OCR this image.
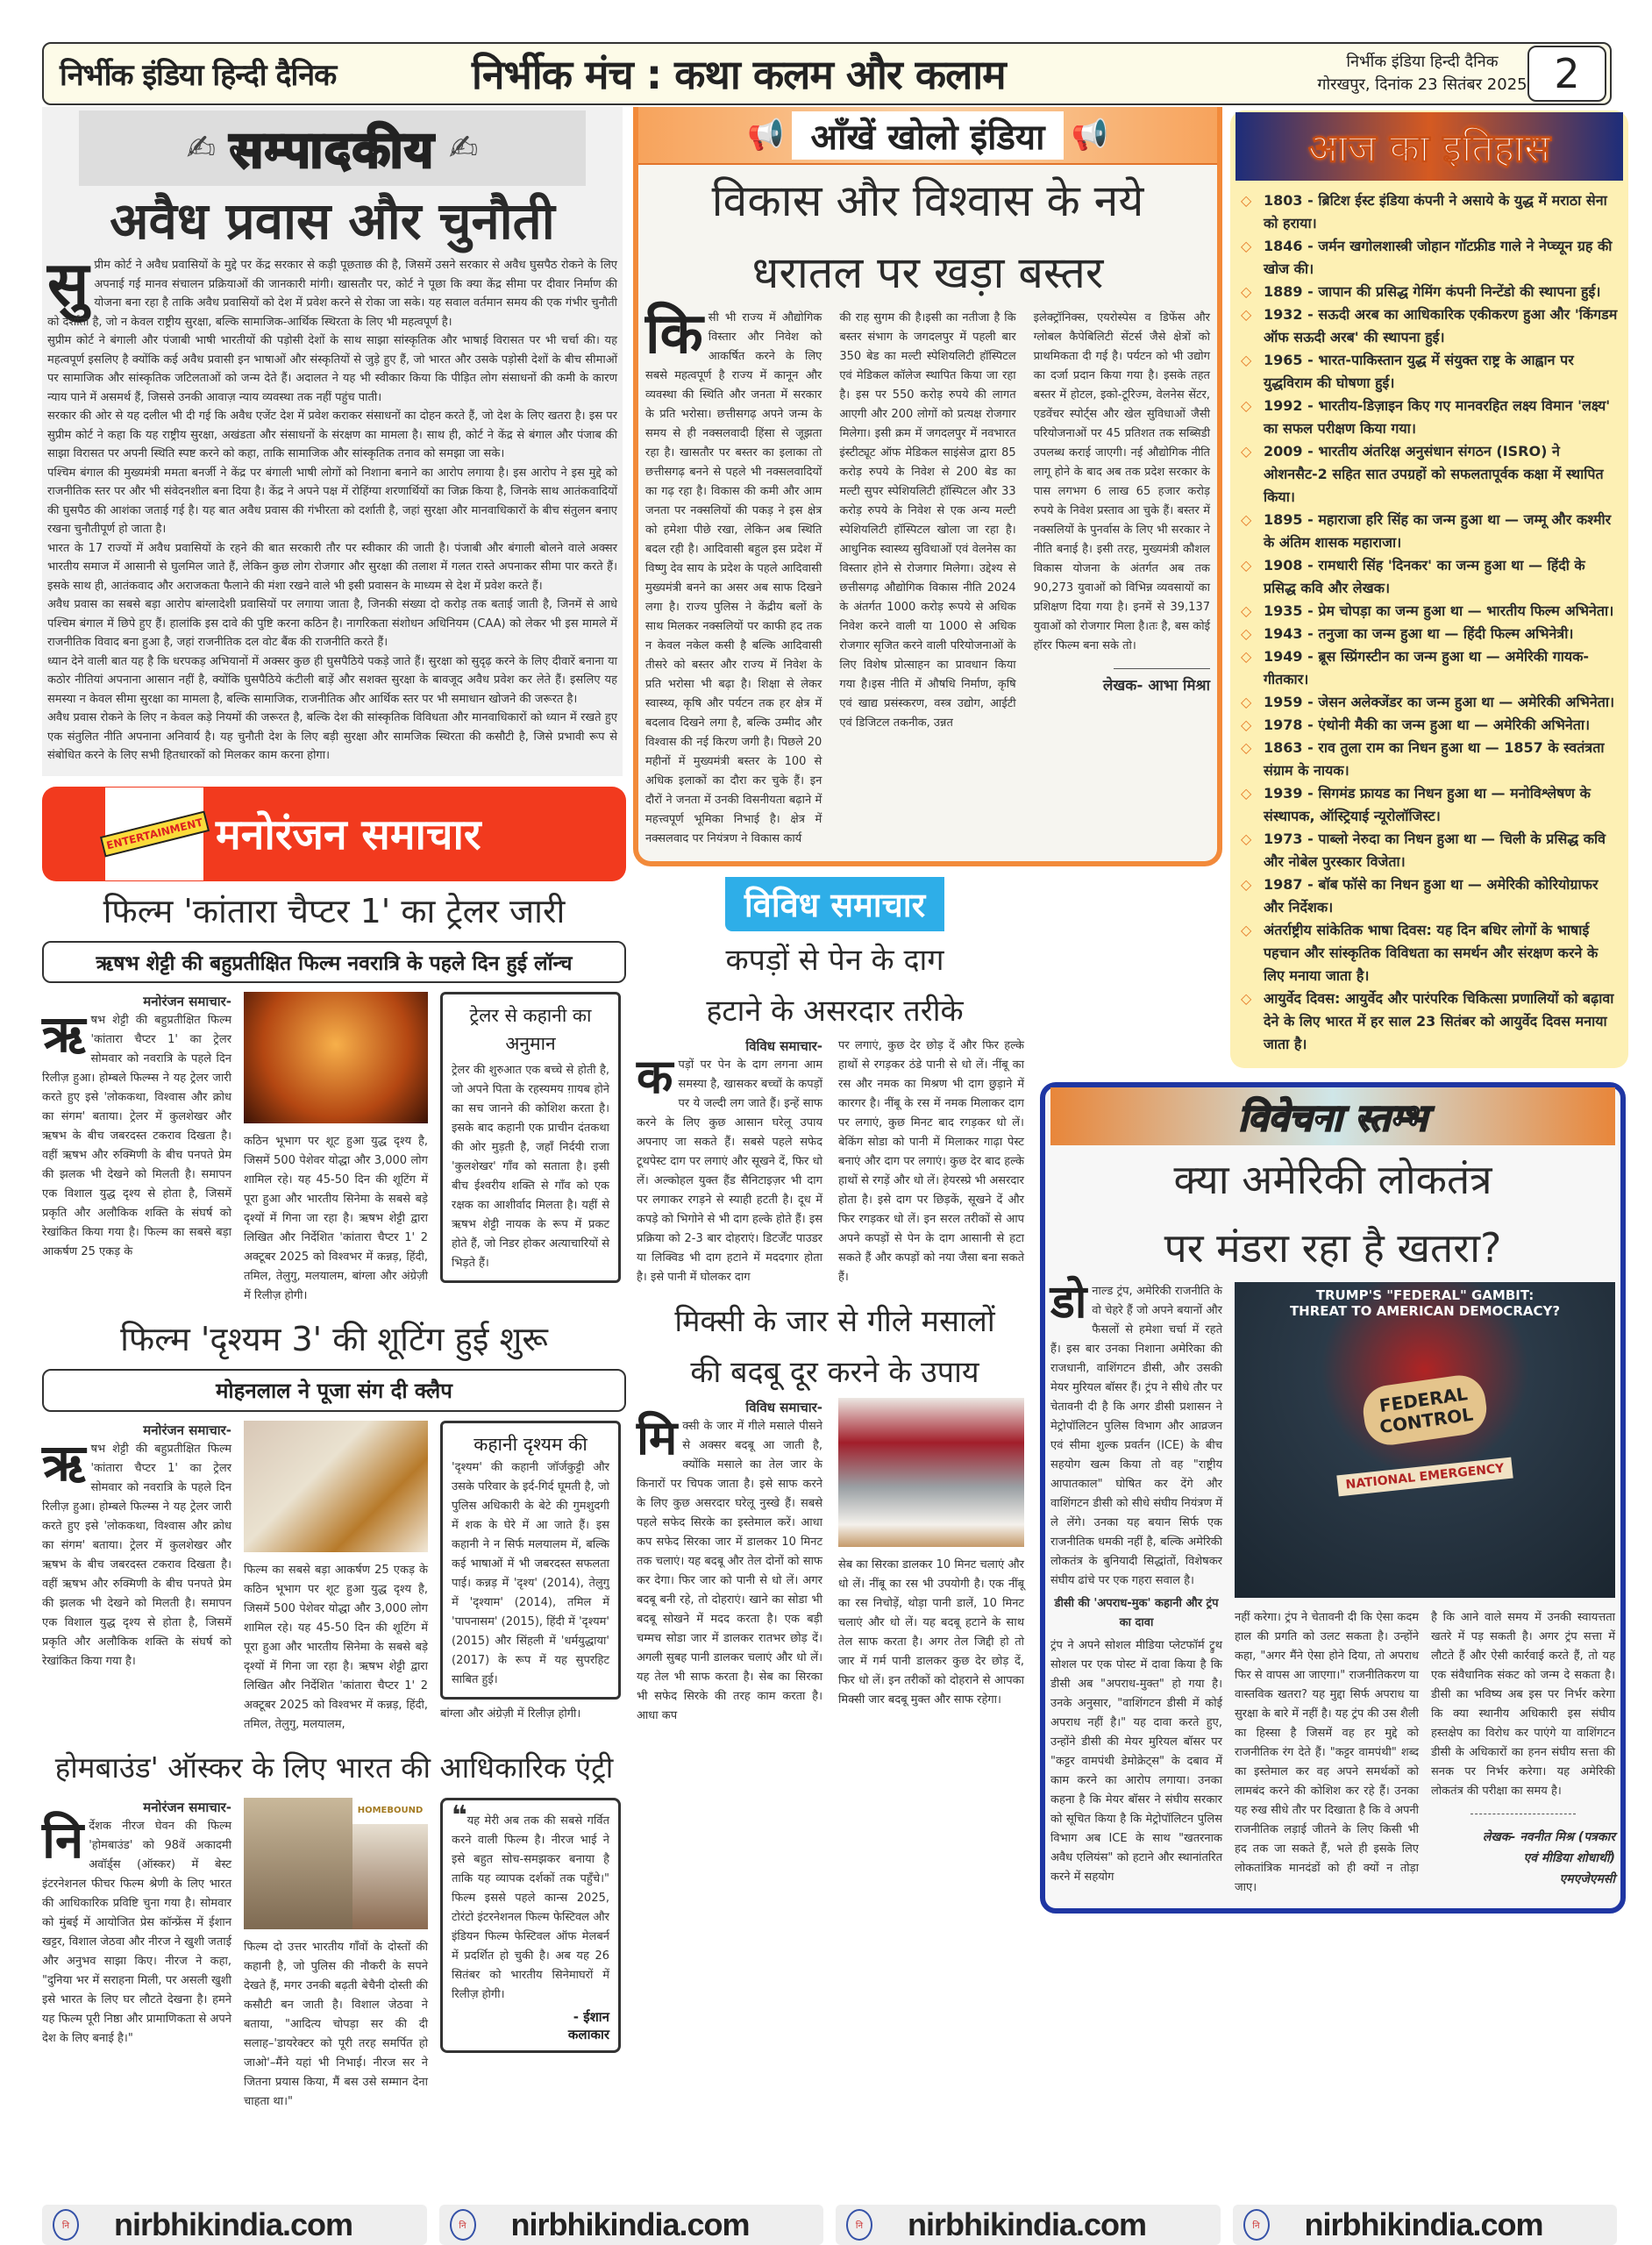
निर्भीक इंडिया हिन्दी दैनिक	निर्भीक मंच : कथा कलम और कलाम	निर्भीक इंडिया हिन्दी दैनिक
गोरखपुर, दिनांक 23 सितंबर 2025 2
✍ सम्पादकीय ✍
अवैध प्रवास और चुनौती
सु प्रीम कोर्ट ने अवैध प्रवासियों के मुद्दे पर केंद्र सरकार से कड़ी पूछताछ की है, जिसमें उसने सरकार से अवैध घुसपैठ रोकने के लिए अपनाई गई मानव संचालन प्रक्रियाओं की जानकारी मांगी। खासतौर पर, कोर्ट ने पूछा कि क्या केंद्र सीमा पर दीवार निर्माण की योजना बना रहा है ताकि अवैध प्रवासियों को देश में प्रवेश करने से रोका जा सके। यह सवाल वर्तमान समय की एक गंभीर चुनौती को दर्शाता है, जो न केवल राष्ट्रीय सुरक्षा, बल्कि सामाजिक-आर्थिक स्थिरता के लिए भी महत्वपूर्ण है।

सुप्रीम कोर्ट ने बंगाली और पंजाबी भाषी भारतीयों की पड़ोसी देशों के साथ साझा सांस्कृतिक और भाषाई विरासत पर भी चर्चा की। यह महत्वपूर्ण इसलिए है क्योंकि कई अवैध प्रवासी इन भाषाओं और संस्कृतियों से जुड़े हुए हैं, जो भारत और उसके पड़ोसी देशों के बीच सीमाओं पर सामाजिक और सांस्कृतिक जटिलताओं को जन्म देते हैं। अदालत ने यह भी स्वीकार किया कि पीड़ित लोग संसाधनों की कमी के कारण न्याय पाने में असमर्थ हैं, जिससे उनकी आवाज़ न्याय व्यवस्था तक नहीं पहुंच पाती।

सरकार की ओर से यह दलील भी दी गई कि अवैध एजेंट देश में प्रवेश कराकर संसाधनों का दोहन करते हैं, जो देश के लिए खतरा है। इस पर सुप्रीम कोर्ट ने कहा कि यह राष्ट्रीय सुरक्षा, अखंडता और संसाधनों के संरक्षण का मामला है। साथ ही, कोर्ट ने केंद्र से बंगाल और पंजाब की साझा विरासत पर अपनी स्थिति स्पष्ट करने को कहा, ताकि सामाजिक और सांस्कृतिक तनाव को समझा जा सके।

पश्चिम बंगाल की मुख्यमंत्री ममता बनर्जी ने केंद्र पर बंगाली भाषी लोगों को निशाना बनाने का आरोप लगाया है। इस आरोप ने इस मुद्दे को राजनीतिक स्तर पर और भी संवेदनशील बना दिया है। केंद्र ने अपने पक्ष में रोहिंग्या शरणार्थियों का जिक्र किया है, जिनके साथ आतंकवादियों की घुसपैठ की आशंका जताई गई है। यह बात अवैध प्रवास की गंभीरता को दर्शाती है, जहां सुरक्षा और मानवाधिकारों के बीच संतुलन बनाए रखना चुनौतीपूर्ण हो जाता है।

भारत के 17 राज्यों में अवैध प्रवासियों के रहने की बात सरकारी तौर पर स्वीकार की जाती है। पंजाबी और बंगाली बोलने वाले अक्सर भारतीय समाज में आसानी से घुलमिल जाते हैं, लेकिन कुछ लोग रोजगार और सुरक्षा की तलाश में गलत रास्ते अपनाकर सीमा पार करते हैं। इसके साथ ही, आतंकवाद और अराजकता फैलाने की मंशा रखने वाले भी इसी प्रवासन के माध्यम से देश में प्रवेश करते हैं।

अवैध प्रवास का सबसे बड़ा आरोप बांग्लादेशी प्रवासियों पर लगाया जाता है, जिनकी संख्या दो करोड़ तक बताई जाती है, जिनमें से आधे पश्चिम बंगाल में छिपे हुए हैं। हालांकि इस दावे की पुष्टि करना कठिन है। नागरिकता संशोधन अधिनियम (CAA) को लेकर भी इस मामले में राजनीतिक विवाद बना हुआ है, जहां राजनीतिक दल वोट बैंक की राजनीति करते हैं।

ध्यान देने वाली बात यह है कि धरपकड़ अभियानों में अक्सर कुछ ही घुसपैठिये पकड़े जाते हैं। सुरक्षा को सुदृढ़ करने के लिए दीवारें बनाना या कठोर नीतियां अपनाना आसान नहीं है, क्योंकि घुसपैठिये कंटीली बाड़ें और सशक्त सुरक्षा के बावजूद अवैध प्रवेश कर लेते हैं। इसलिए यह समस्या न केवल सीमा सुरक्षा का मामला है, बल्कि सामाजिक, राजनीतिक और आर्थिक स्तर पर भी समाधान खोजने की जरूरत है।

अवैध प्रवास रोकने के लिए न केवल कड़े नियमों की जरूरत है, बल्कि देश की सांस्कृतिक विविधता और मानवाधिकारों को ध्यान में रखते हुए एक संतुलित नीति अपनाना अनिवार्य है। यह चुनौती देश के लिए बड़ी सुरक्षा और सामजिक स्थिरता की कसौटी है, जिसे प्रभावी रूप से संबोधित करने के लिए सभी हितधारकों को मिलकर काम करना होगा।

ENTERTAINMENT मनोरंजन समाचार
फिल्म 'कांतारा चैप्टर 1' का ट्रेलर जारी
ऋषभ शेट्टी की बहुप्रतीक्षित फिल्म नवरात्रि के पहले दिन हुई लॉन्च
मनोरंजन समाचार-
ऋ षभ शेट्टी की बहुप्रतीक्षित फिल्म 'कांतारा चैप्टर 1' का ट्रेलर सोमवार को नवरात्रि के पहले दिन रिलीज़ हुआ। होम्बले फिल्म्स ने यह ट्रेलर जारी करते हुए इसे 'लोककथा, विश्वास और क्रोध का संगम' बताया। ट्रेलर में कुलशेखर और ऋषभ के बीच जबरदस्त टकराव दिखता है। वहीं ऋषभ और रुक्मिणी के बीच पनपते प्रेम की झलक भी देखने को मिलती है। समापन एक विशाल युद्ध दृश्य से होता है, जिसमें प्रकृति और अलौकिक शक्ति के संघर्ष को रेखांकित किया गया है। फिल्म का सबसे बड़ा आकर्षण 25 एकड़ के
कठिन भूभाग पर शूट हुआ युद्ध दृश्य है, जिसमें 500 पेशेवर योद्धा और 3,000 लोग शामिल रहे। यह 45-50 दिन की शूटिंग में पूरा हुआ और भारतीय सिनेमा के सबसे बड़े दृश्यों में गिना जा रहा है। ऋषभ शेट्टी द्वारा लिखित और निर्देशित 'कांतारा चैप्टर 1' 2 अक्टूबर 2025 को विश्वभर में कन्नड़, हिंदी, तमिल, तेलुगु, मलयालम, बांग्ला और अंग्रेज़ी में रिलीज़ होगी।
ट्रेलर से कहानी का अनुमान
ट्रेलर की शुरुआत एक बच्चे से होती है, जो अपने पिता के रहस्यमय ग़ायब होने का सच जानने की कोशिश करता है। इसके बाद कहानी एक प्राचीन दंतकथा की ओर मुड़ती है, जहाँ निर्दयी राजा 'कुलशेखर' गाँव को सताता है। इसी बीच ईश्वरीय शक्ति से गाँव को एक रक्षक का आशीर्वाद मिलता है। यहीं से ऋषभ शेट्टी नायक के रूप में प्रकट होते हैं, जो निडर होकर अत्याचारियों से भिड़ते हैं।
फिल्म 'दृश्यम 3' की शूटिंग हुई शुरू
मोहनलाल ने पूजा संग दी क्लैप
मनोरंजन समाचार-
ऋ षभ शेट्टी की बहुप्रतीक्षित फिल्म 'कांतारा चैप्टर 1' का ट्रेलर सोमवार को नवरात्रि के पहले दिन रिलीज़ हुआ। होम्बले फिल्म्स ने यह ट्रेलर जारी करते हुए इसे 'लोककथा, विश्वास और क्रोध का संगम' बताया। ट्रेलर में कुलशेखर और ऋषभ के बीच जबरदस्त टकराव दिखता है। वहीं ऋषभ और रुक्मिणी के बीच पनपते प्रेम की झलक भी देखने को मिलती है। समापन एक विशाल युद्ध दृश्य से होता है, जिसमें प्रकृति और अलौकिक शक्ति के संघर्ष को रेखांकित किया गया है।
फिल्म का सबसे बड़ा आकर्षण 25 एकड़ के कठिन भूभाग पर शूट हुआ युद्ध दृश्य है, जिसमें 500 पेशेवर योद्धा और 3,000 लोग शामिल रहे। यह 45-50 दिन की शूटिंग में पूरा हुआ और भारतीय सिनेमा के सबसे बड़े दृश्यों में गिना जा रहा है। ऋषभ शेट्टी द्वारा लिखित और निर्देशित 'कांतारा चैप्टर 1' 2 अक्टूबर 2025 को विश्वभर में कन्नड़, हिंदी, तमिल, तेलुगु, मलयालम,
कहानी दृश्यम की
'दृश्यम' की कहानी जॉर्जकुट्टी और उसके परिवार के इर्द-गिर्द घूमती है, जो पुलिस अधिकारी के बेटे की गुमशुदगी में शक के घेरे में आ जाते हैं। इस कहानी ने न सिर्फ मलयालम में, बल्कि कई भाषाओं में भी जबरदस्त सफलता पाई। कन्नड़ में 'दृश्य' (2014), तेलुगु में 'दृश्याम' (2014), तमिल में 'पापनासम' (2015), हिंदी में 'दृश्यम' (2015) और सिंहली में 'धर्मयुद्धाया' (2017) के रूप में यह सुपरहिट साबित हुई।
बांग्ला और अंग्रेज़ी में रिलीज़ होगी।
होमबाउंड' ऑस्कर के लिए भारत की आधिकारिक एंट्री
मनोरंजन समाचार-
नि र्देशक नीरज घेवन की फिल्म 'होमबाउंड' को 98वें अकादमी अवॉर्ड्स (ऑस्कर) में बेस्ट इंटरनेशनल फीचर फिल्म श्रेणी के लिए भारत की आधिकारिक प्रविष्टि चुना गया है। सोमवार को मुंबई में आयोजित प्रेस कॉन्फ्रेंस में ईशान खट्टर, विशाल जेठवा और नीरज ने खुशी जताई और अनुभव साझा किए। नीरज ने कहा, "दुनिया भर में सराहना मिली, पर असली खुशी इसे भारत के लिए घर लौटते देखना है। हमने यह फिल्म पूरी निष्ठा और प्रामाणिकता से अपने देश के लिए बनाई है।"
HOMEBOUND
फिल्म दो उत्तर भारतीय गाँवों के दोस्तों की कहानी है, जो पुलिस की नौकरी के सपने देखते हैं, मगर उनकी बढ़ती बेचैनी दोस्ती की कसौटी बन जाती है। विशाल जेठवा ने बताया, "आदित्य चोपड़ा सर की दी सलाह–'डायरेक्टर को पूरी तरह समर्पित हो जाओ'–मैंने यहां भी निभाई। नीरज सर ने जितना प्रयास किया, मैं बस उसे सम्मान देना चाहता था।"
❝यह मेरी अब तक की सबसे गर्वित करने वाली फिल्म है। नीरज भाई ने इसे बहुत सोच-समझकर बनाया है ताकि यह व्यापक दर्शकों तक पहुँचे।" फिल्म इससे पहले कान्स 2025, टोरंटो इंटरनेशनल फिल्म फेस्टिवल और इंडियन फिल्म फेस्टिवल ऑफ मेलबर्न में प्रदर्शित हो चुकी है। अब यह 26 सितंबर को भारतीय सिनेमाघरों में रिलीज़ होगी।
- ईशान
कलाकार
📢 आँखें खोलो इंडिया 📢
विकास और विश्वास के नये
धरातल पर खड़ा बस्तर
किसी भी राज्य में औद्योगिक विस्तार और निवेश को आकर्षित करने के लिए सबसे महत्वपूर्ण है राज्य में कानून और व्यवस्था की स्थिति और जनता में सरकार के प्रति भरोसा। छत्तीसगढ़ अपने जन्म के समय से ही नक्सलवादी हिंसा से जूझता रहा है। खासतौर पर बस्तर का इलाका तो छत्तीसगढ़ बनने से पहले भी नक्सलवादियों का गढ़ रहा है। विकास की कमी और आम जनता पर नक्सलियों की पकड़ ने इस क्षेत्र को हमेशा पीछे रखा, लेकिन अब स्थिति बदल रही है। आदिवासी बहुल इस प्रदेश में विष्णु देव साय के प्रदेश के पहले आदिवासी मुख्यमंत्री बनने का असर अब साफ दिखने लगा है। राज्य पुलिस ने केंद्रीय बलों के साथ मिलकर नक्सलियों पर काफी हद तक न केवल नकेल कसी है बल्कि आदिवासी तीसरे को बस्तर और राज्य में निवेश के प्रति भरोसा भी बढ़ा है। शिक्षा से लेकर स्वास्थ्य, कृषि और पर्यटन तक हर क्षेत्र में बदलाव दिखने लगा है, बल्कि उम्मीद और विश्वास की नई किरण जगी है। पिछले 20 महीनों में मुख्यमंत्री बस्तर के 100 से अधिक इलाकों का दौरा कर चुके हैं। इन दौरों ने जनता में उनकी विसनीयता बढ़ाने में महत्त्वपूर्ण भूमिका निभाई है। क्षेत्र में नक्सलवाद पर नियंत्रण ने विकास कार्य
की राह सुगम की है।इसी का नतीजा है कि बस्तर संभाग के जगदलपुर में पहली बार 350 बेड का मल्टी स्पेशियलिटी हॉस्पिटल एवं मेडिकल कॉलेज स्थापित किया जा रहा है। इस पर 550 करोड़ रुपये की लागत आएगी और 200 लोगों को प्रत्यक्ष रोजगार मिलेगा। इसी क्रम में जगदलपुर में नवभारत इंस्टीट्यूट ऑफ मेडिकल साइंसेज द्वारा 85 करोड़ रुपये के निवेश से 200 बेड का मल्टी सुपर स्पेशियलिटी हॉस्पिटल और 33 करोड़ रुपये के निवेश से एक अन्य मल्टी स्पेशियलिटी हॉस्पिटल खोला जा रहा है। आधुनिक स्वास्थ्य सुविधाओं एवं वेलनेस का विस्तार होने से रोजगार मिलेगा। उद्देश्य से छत्तीसगढ़ औद्योगिक विकास नीति 2024 के अंतर्गत 1000 करोड़ रूपये से अधिक निवेश करने वाली या 1000 से अधिक रोजगार सृजित करने वाली परियोजनाओं के लिए विशेष प्रोत्साहन का प्रावधान किया गया है।इस नीति में औषधि निर्माण, कृषि एवं खाद्य प्रसंस्करण, वस्त्र उद्योग, आईटी एवं डिजिटल तकनीक, उन्नत
इलेक्ट्रॉनिक्स, एयरोस्पेस व डिफेंस और ग्लोबल कैपेबिलिटी सेंटर्स जैसे क्षेत्रों को प्राथमिकता दी गई है। पर्यटन को भी उद्योग का दर्जा प्रदान किया गया है। इसके तहत बस्तर में होटल, इको-टूरिज्म, वेलनेस सेंटर, एडवेंचर स्पोर्ट्स और खेल सुविधाओं जैसी परियोजनाओं पर 45 प्रतिशत तक सब्सिडी उपलब्ध कराई जाएगी। नई औद्योगिक नीति लागू होने के बाद अब तक प्रदेश सरकार के पास लगभग 6 लाख 65 हजार करोड़ रुपये के निवेश प्रस्ताव आ चुके हैं। बस्तर में नक्सलियों के पुनर्वास के लिए भी सरकार ने नीति बनाई है। इसी तरह, मुख्यमंत्री कौशल विकास योजना के अंतर्गत अब तक 90,273 युवाओं को विभिन्न व्यवसायों का प्रशिक्षण दिया गया है। इनमें से 39,137 युवाओं को रोजगार मिला है।तः है, बस कोई हॉरर फिल्म बना सके तो।
लेखक- आभा मिश्रा
विविध समाचार
कपड़ों से पेन के दाग
हटाने के असरदार तरीके
विविध समाचार-
क पड़ों पर पेन के दाग लगना आम समस्या है, खासकर बच्चों के कपड़ों पर ये जल्दी लग जाते हैं। इन्हें साफ करने के लिए कुछ आसान घरेलू उपाय अपनाए जा सकते हैं। सबसे पहले सफेद टूथपेस्ट दाग पर लगाएं और सूखने दें, फिर धो लें। अल्कोहल युक्त हैंड सैनिटाइज़र भी दाग पर लगाकर रगड़ने से स्याही हटती है। दूध में कपड़े को भिगोने से भी दाग हल्के होते हैं। इस प्रक्रिया को 2-3 बार दोहराएं। डिटर्जेंट पाउडर या लिक्विड भी दाग हटाने में मददगार होता है। इसे पानी में घोलकर दाग
पर लगाएं, कुछ देर छोड़ दें और फिर हल्के हाथों से रगड़कर ठंडे पानी से धो लें। नींबू का रस और नमक का मिश्रण भी दाग छुड़ाने में कारगर है। नींबू के रस में नमक मिलाकर दाग पर लगाएं, कुछ मिनट बाद रगड़कर धो लें। बेकिंग सोडा को पानी में मिलाकर गाढ़ा पेस्ट बनाएं और दाग पर लगाएं। कुछ देर बाद हल्के हाथों से रगड़ें और धो लें। हेयरस्प्रे भी असरदार होता है। इसे दाग पर छिड़कें, सूखने दें और फिर रगड़कर धो लें। इन सरल तरीकों से आप अपने कपड़ों से पेन के दाग आसानी से हटा सकते हैं और कपड़ों को नया जैसा बना सकते हैं।
मिक्सी के जार से गीले मसालों
की बदबू दूर करने के उपाय
विविध समाचार-
मि क्सी के जार में गीले मसाले पीसने से अक्सर बदबू आ जाती है, क्योंकि मसाले का तेल जार के किनारों पर चिपक जाता है। इसे साफ करने के लिए कुछ असरदार घरेलू नुस्खे हैं। सबसे पहले सफेद सिरके का इस्तेमाल करें। आधा कप सफेद सिरका जार में डालकर 10 मिनट तक चलाएं। यह बदबू और तेल दोनों को साफ कर देगा। फिर जार को पानी से धो लें। अगर बदबू बनी रहे, तो दोहराएं। खाने का सोडा भी बदबू सोखने में मदद करता है। एक बड़ी चम्मच सोडा जार में डालकर रातभर छोड़ दें। अगली सुबह पानी डालकर चलाएं और धो लें। यह तेल भी साफ करता है। सेब का सिरका भी सफेद सिरके की तरह काम करता है। आधा कप
सेब का सिरका डालकर 10 मिनट चलाएं और धो लें। नींबू का रस भी उपयोगी है। एक नींबू का रस निचोड़ें, थोड़ा पानी डालें, 10 मिनट चलाएं और धो लें। यह बदबू हटाने के साथ तेल साफ करता है। अगर तेल जिद्दी हो तो जार में गर्म पानी डालकर कुछ देर छोड़ दें, फिर धो लें। इन तरीकों को दोहराने से आपका मिक्सी जार बदबू मुक्त और साफ रहेगा।
आज का इतिहास
◇ 1803 - ब्रिटिश ईस्ट इंडिया कंपनी ने असाये के युद्ध में मराठा सेना को हराया।
◇ 1846 - जर्मन खगोलशास्त्री जोहान गॉटफ्रीड गाले ने नेप्च्यून ग्रह की खोज की।
◇ 1889 - जापान की प्रसिद्ध गेमिंग कंपनी निन्टेंडो की स्थापना हुई।
◇ 1932 - सऊदी अरब का आधिकारिक एकीकरण हुआ और 'किंगडम ऑफ सऊदी अरब' की स्थापना हुई।
◇ 1965 - भारत-पाकिस्तान युद्ध में संयुक्त राष्ट्र के आह्वान पर युद्धविराम की घोषणा हुई।
◇ 1992 - भारतीय-डिज़ाइन किए गए मानवरहित लक्ष्य विमान 'लक्ष्य' का सफल परीक्षण किया गया।
◇ 2009 - भारतीय अंतरिक्ष अनुसंधान संगठन (ISRO) ने ओशनसैट-2 सहित सात उपग्रहों को सफलतापूर्वक कक्षा में स्थापित किया।
◇ 1895 - महाराजा हरि सिंह का जन्म हुआ था — जम्मू और कश्मीर के अंतिम शासक महाराजा।
◇ 1908 - रामधारी सिंह 'दिनकर' का जन्म हुआ था — हिंदी के प्रसिद्ध कवि और लेखक।
◇ 1935 - प्रेम चोपड़ा का जन्म हुआ था — भारतीय फिल्म अभिनेता।
◇ 1943 - तनुजा का जन्म हुआ था — हिंदी फिल्म अभिनेत्री।
◇ 1949 - ब्रूस स्प्रिंगस्टीन का जन्म हुआ था — अमेरिकी गायक-गीतकार।
◇ 1959 - जेसन अलेक्जेंडर का जन्म हुआ था — अमेरिकी अभिनेता।
◇ 1978 - एंथोनी मैकी का जन्म हुआ था — अमेरिकी अभिनेता।
◇ 1863 - राव तुला राम का निधन हुआ था — 1857 के स्वतंत्रता संग्राम के नायक।
◇ 1939 - सिगमंड फ्रायड का निधन हुआ था — मनोविश्लेषण के संस्थापक, ऑस्ट्रियाई न्यूरोलॉजिस्ट।
◇ 1973 - पाब्लो नेरुदा का निधन हुआ था — चिली के प्रसिद्ध कवि और नोबेल पुरस्कार विजेता।
◇ 1987 - बॉब फॉसे का निधन हुआ था — अमेरिकी कोरियोग्राफर और निर्देशक।
◇ अंतर्राष्ट्रीय सांकेतिक भाषा दिवस: यह दिन बधिर लोगों के भाषाई पहचान और सांस्कृतिक विविधता का समर्थन और संरक्षण करने के लिए मनाया जाता है।
◇ आयुर्वेद दिवस: आयुर्वेद और पारंपरिक चिकित्सा प्रणालियों को बढ़ावा देने के लिए भारत में हर साल 23 सितंबर को आयुर्वेद दिवस मनाया जाता है।
विवेचना स्तम्भ
क्या अमेरिकी लोकतंत्र
पर मंडरा रहा है खतरा?
डोनाल्ड ट्रंप, अमेरिकी राजनीति के वो चेहरे हैं जो अपने बयानों और फैसलों से हमेशा चर्चा में रहते हैं। इस बार उनका निशाना अमेरिका की राजधानी, वाशिंगटन डीसी, और उसकी मेयर मुरियल बॉसर हैं। ट्रंप ने सीधे तौर पर चेतावनी दी है कि अगर डीसी प्रशासन ने मेट्रोपॉलिटन पुलिस विभाग और आव्रजन एवं सीमा शुल्क प्रवर्तन (ICE) के बीच सहयोग खत्म किया तो वह "राष्ट्रीय आपातकाल" घोषित कर देंगे और वाशिंगटन डीसी को सीधे संघीय नियंत्रण में ले लेंगे। उनका यह बयान सिर्फ एक राजनीतिक धमकी नहीं है, बल्कि अमेरिकी लोकतंत्र के बुनियादी सिद्धांतों, विशेषकर संघीय ढांचे पर एक गहरा सवाल है।
डीसी की 'अपराध-मुक' कहानी और ट्रंप का दावा
ट्रंप ने अपने सोशल मीडिया प्लेटफॉर्म ट्रुथ सोशल पर एक पोस्ट में दावा किया है कि डीसी अब "अपराध-मुक्त" हो गया है। उनके अनुसार, "वाशिंगटन डीसी में कोई अपराध नहीं है।" यह दावा करते हुए, उन्होंने डीसी की मेयर मुरियल बॉसर पर "कट्टर वामपंथी डेमोक्रेट्स" के दबाव में काम करने का आरोप लगाया। उनका कहना है कि मेयर बॉसर ने संघीय सरकार को सूचित किया है कि मेट्रोपॉलिटन पुलिस विभाग अब ICE के साथ "खतरनाक अवैध एलियंस" को हटाने और स्थानांतरित करने में सहयोग
TRUMP'S "FEDERAL" GAMBIT:
THREAT TO AMERICAN DEMOCRACY?
FEDERAL CONTROL
NATIONAL EMERGENCY
नहीं करेगा। ट्रंप ने चेतावनी दी कि ऐसा कदम हाल की प्रगति को उलट सकता है। उन्होंने कहा, "अगर मैंने ऐसा होने दिया, तो अपराध फिर से वापस आ जाएगा।" राजनीतिकरण या वास्तविक खतरा? यह मुद्दा सिर्फ अपराध या सुरक्षा के बारे में नहीं है। यह ट्रंप की उस शैली का हिस्सा है जिसमें वह हर मुद्दे को राजनीतिक रंग देते हैं। "कट्टर वामपंथी" शब्द का इस्तेमाल कर वह अपने समर्थकों को लामबंद करने की कोशिश कर रहे हैं। उनका यह रुख सीधे तौर पर दिखाता है कि वे अपनी राजनीतिक लड़ाई जीतने के लिए किसी भी हद तक जा सकते हैं, भले ही इसके लिए लोकतांत्रिक मानदंडों को ही क्यों न तोड़ा जाए।
है कि आने वाले समय में उनकी स्वायत्तता खतरे में पड़ सकती है। अगर ट्रंप सत्ता में लौटते हैं और ऐसी कार्रवाई करते हैं, तो यह एक संवैधानिक संकट को जन्म दे सकता है। डीसी का भविष्य अब इस पर निर्भर करेगा कि क्या स्थानीय अधिकारी इस संघीय हस्तक्षेप का विरोध कर पाएंगे या वाशिंगटन डीसी के अधिकारों का हनन संघीय सत्ता की सनक पर निर्भर करेगा। यह अमेरिकी लोकतंत्र की परीक्षा का समय है।
लेखक- नवनीत मिश्र (पत्रकार
एवं मीडिया शोधार्थी)
एमएजेएमसी
नि	nirbhikindia.com	नि	nirbhikindia.com	नि	nirbhikindia.com	नि	nirbhikindia.com
